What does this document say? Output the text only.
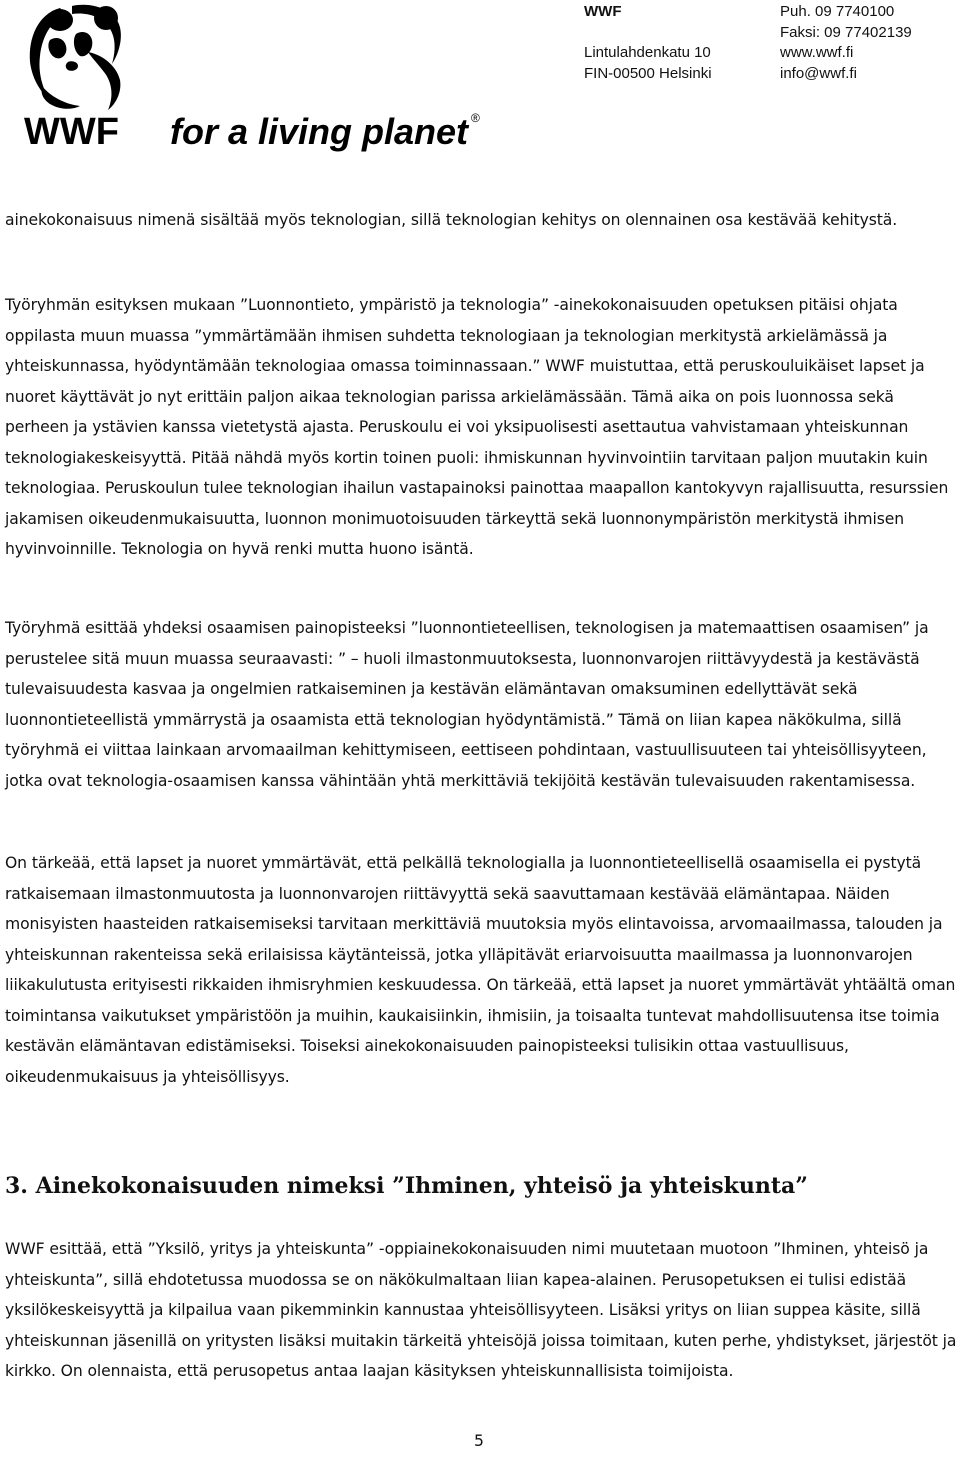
WWF for a living planet ®
WWF

Lintulahdenkatu 10
FIN-00500 Helsinki
Puh. 09 7740100
Faksi: 09 77402139
www.wwf.fi
info@wwf.fi

ainekokonaisuus nimenä sisältää myös teknologian, sillä teknologian kehitys on olennainen osa kestävää kehitystä.

Työryhmän esityksen mukaan ”Luonnontieto, ympäristö ja teknologia” -ainekokonaisuuden opetuksen pitäisi ohjata oppilasta muun muassa ”ymmärtämään ihmisen suhdetta teknologiaan ja teknologian merkitystä arkielämässä ja yhteiskunnassa, hyödyntämään teknologiaa omassa toiminnassaan.” WWF muistuttaa, että peruskouluikäiset lapset ja nuoret käyttävät jo nyt erittäin paljon aikaa teknologian parissa arkielämässään. Tämä aika on pois luonnossa sekä perheen ja ystävien kanssa vietetystä ajasta. Peruskoulu ei voi yksipuolisesti asettautua vahvistamaan yhteiskunnan teknologiakeskeisyyttä. Pitää nähdä myös kortin toinen puoli: ihmiskunnan hyvinvointiin tarvitaan paljon muutakin kuin teknologiaa. Peruskoulun tulee teknologian ihailun vastapainoksi painottaa maapallon kantokyvyn rajallisuutta, resurssien jakamisen oikeudenmukaisuutta, luonnon monimuotoisuuden tärkeyttä sekä luonnonympäristön merkitystä ihmisen hyvinvoinnille. Teknologia on hyvä renki mutta huono isäntä.

Työryhmä esittää yhdeksi osaamisen painopisteeksi ”luonnontieteellisen, teknologisen ja matemaattisen osaamisen” ja perustelee sitä muun muassa seuraavasti: ” – huoli ilmastonmuutoksesta, luonnonvarojen riittävyydestä ja kestävästä tulevaisuudesta kasvaa ja ongelmien ratkaiseminen ja kestävän elämäntavan omaksuminen edellyttävät sekä luonnontieteellistä ymmärrystä ja osaamista että teknologian hyödyntämistä.” Tämä on liian kapea näkökulma, sillä työryhmä ei viittaa lainkaan arvomaailman kehittymiseen, eettiseen pohdintaan, vastuullisuuteen tai yhteisöllisyyteen, jotka ovat teknologia-osaamisen kanssa vähintään yhtä merkittäviä tekijöitä kestävän tulevaisuuden rakentamisessa.

On tärkeää, että lapset ja nuoret ymmärtävät, että pelkällä teknologialla ja luonnontieteellisellä osaamisella ei pystytä ratkaisemaan ilmastonmuutosta ja luonnonvarojen riittävyyttä sekä saavuttamaan kestävää elämäntapaa. Näiden monisyisten haasteiden ratkaisemiseksi tarvitaan merkittäviä muutoksia myös elintavoissa, arvomaailmassa, talouden ja yhteiskunnan rakenteissa sekä erilaisissa käytänteissä, jotka ylläpitävät eriarvoisuutta maailmassa ja luonnonvarojen liikakulutusta erityisesti rikkaiden ihmisryhmien keskuudessa. On tärkeää, että lapset ja nuoret ymmärtävät yhtäältä oman toimintansa vaikutukset ympäristöön ja muihin, kaukaisiinkin, ihmisiin, ja toisaalta tuntevat mahdollisuutensa itse toimia kestävän elämäntavan edistämiseksi. Toiseksi ainekokonaisuuden painopisteeksi tulisikin ottaa vastuullisuus, oikeudenmukaisuus ja yhteisöllisyys.

3. Ainekokonaisuuden nimeksi ”Ihminen, yhteisö ja yhteiskunta”

WWF esittää, että ”Yksilö, yritys ja yhteiskunta” -oppiainekokonaisuuden nimi muutetaan muotoon ”Ihminen, yhteisö ja yhteiskunta”, sillä ehdotetussa muodossa se on näkökulmaltaan liian kapea-alainen. Perusopetuksen ei tulisi edistää yksilökeskeisyyttä ja kilpailua vaan pikemminkin kannustaa yhteisöllisyyteen. Lisäksi yritys on liian suppea käsite, sillä yhteiskunnan jäsenillä on yritysten lisäksi muitakin tärkeitä yhteisöjä joissa toimitaan, kuten perhe, yhdistykset, järjestöt ja kirkko. On olennaista, että perusopetus antaa laajan käsityksen yhteiskunnallisista toimijoista.

5
